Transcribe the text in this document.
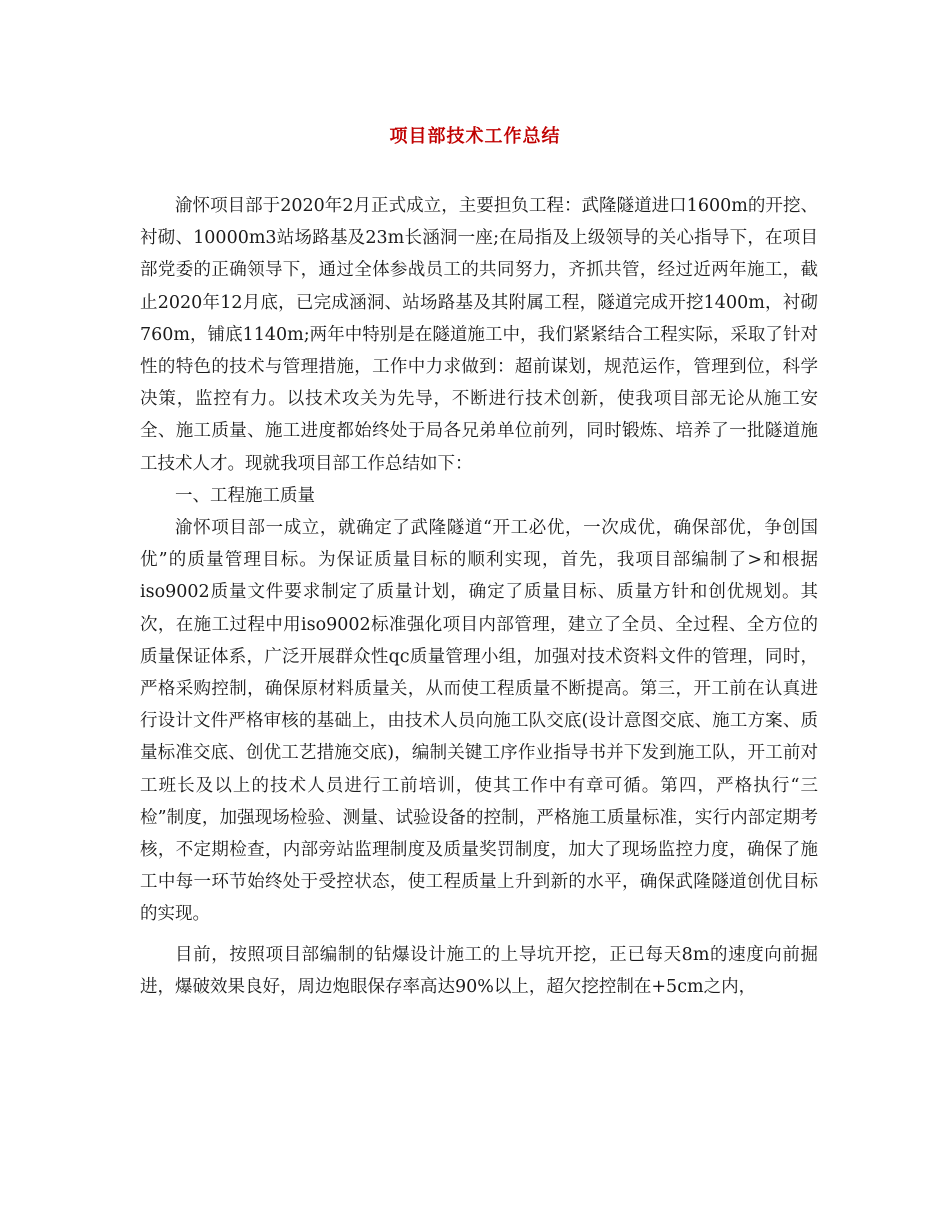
项目部技术工作总结

渝怀项目部于2020年2月正式成立，主要担负工程：武隆隧道进口1600m的开挖、衬砌、10000m3站场路基及23m长涵洞一座;在局指及上级领导的关心指导下，在项目部党委的正确领导下，通过全体参战员工的共同努力，齐抓共管，经过近两年施工，截止2020年12月底，已完成涵洞、站场路基及其附属工程，隧道完成开挖1400m，衬砌760m，铺底1140m;两年中特别是在隧道施工中，我们紧紧结合工程实际，采取了针对性的特色的技术与管理措施，工作中力求做到：超前谋划，规范运作，管理到位，科学决策，监控有力。以技术攻关为先导，不断进行技术创新，使我项目部无论从施工安全、施工质量、施工进度都始终处于局各兄弟单位前列，同时锻炼、培养了一批隧道施工技术人才。现就我项目部工作总结如下：

一、工程施工质量

渝怀项目部一成立，就确定了武隆隧道“开工必优，一次成优，确保部优，争创国优”的质量管理目标。为保证质量目标的顺利实现，首先，我项目部编制了>和根据iso9002质量文件要求制定了质量计划，确定了质量目标、质量方针和创优规划。其次，在施工过程中用iso9002标准强化项目内部管理，建立了全员、全过程、全方位的质量保证体系，广泛开展群众性qc质量管理小组，加强对技术资料文件的管理，同时，严格采购控制，确保原材料质量关，从而使工程质量不断提高。第三，开工前在认真进行设计文件严格审核的基础上，由技术人员向施工队交底(设计意图交底、施工方案、质量标准交底、创优工艺措施交底)，编制关键工序作业指导书并下发到施工队，开工前对工班长及以上的技术人员进行工前培训，使其工作中有章可循。第四，严格执行“三检”制度，加强现场检验、测量、试验设备的控制，严格施工质量标准，实行内部定期考核，不定期检查，内部旁站监理制度及质量奖罚制度，加大了现场监控力度，确保了施工中每一环节始终处于受控状态，使工程质量上升到新的水平，确保武隆隧道创优目标的实现。

目前，按照项目部编制的钻爆设计施工的上导坑开挖，正已每天8m的速度向前掘进，爆破效果良好，周边炮眼保存率高达90%以上，超欠挖控制在+5cm之内，
